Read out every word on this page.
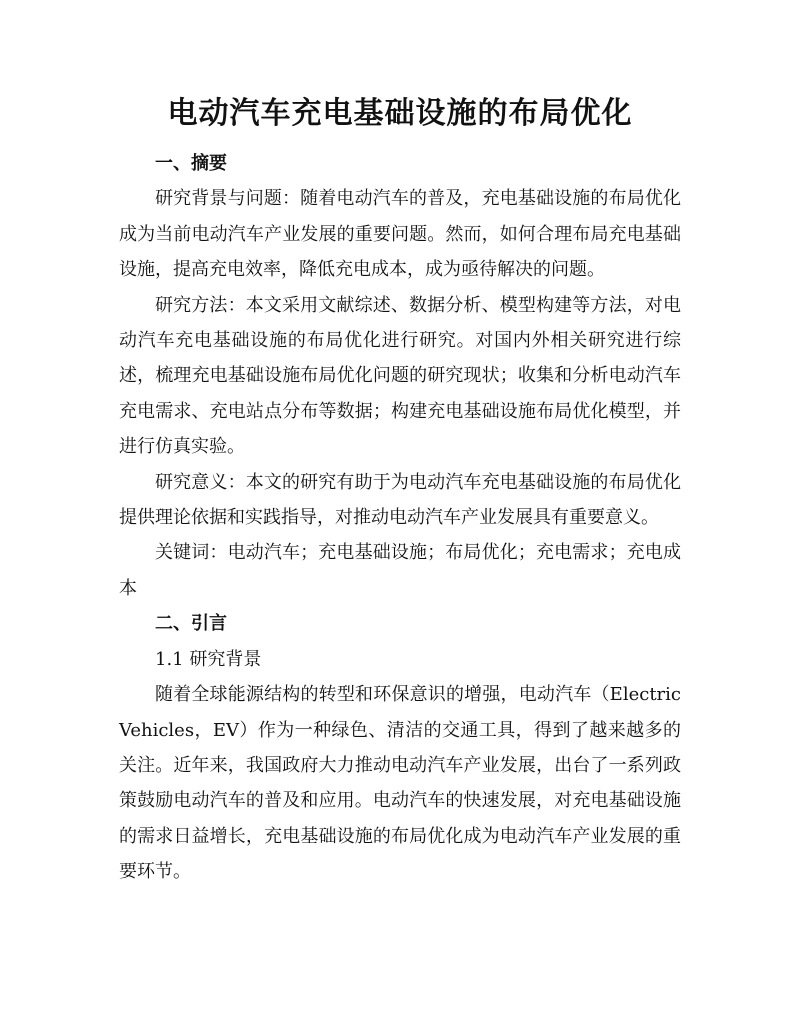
电动汽车充电基础设施的布局优化
一、摘要

研究背景与问题：随着电动汽车的普及，充电基础设施的布局优化成为当前电动汽车产业发展的重要问题。然而，如何合理布局充电基础设施，提高充电效率，降低充电成本，成为亟待解决的问题。

研究方法：本文采用文献综述、数据分析、模型构建等方法，对电动汽车充电基础设施的布局优化进行研究。对国内外相关研究进行综述，梳理充电基础设施布局优化问题的研究现状；收集和分析电动汽车充电需求、充电站点分布等数据；构建充电基础设施布局优化模型，并进行仿真实验。

研究意义：本文的研究有助于为电动汽车充电基础设施的布局优化提供理论依据和实践指导，对推动电动汽车产业发展具有重要意义。

关键词：电动汽车；充电基础设施；布局优化；充电需求；充电成本

二、引言
1.1 研究背景

随着全球能源结构的转型和环保意识的增强，电动汽车（Electric Vehicles，EV）作为一种绿色、清洁的交通工具，得到了越来越多的关注。近年来，我国政府大力推动电动汽车产业发展，出台了一系列政策鼓励电动汽车的普及和应用。电动汽车的快速发展，对充电基础设施的需求日益增长，充电基础设施的布局优化成为电动汽车产业发展的重要环节。
